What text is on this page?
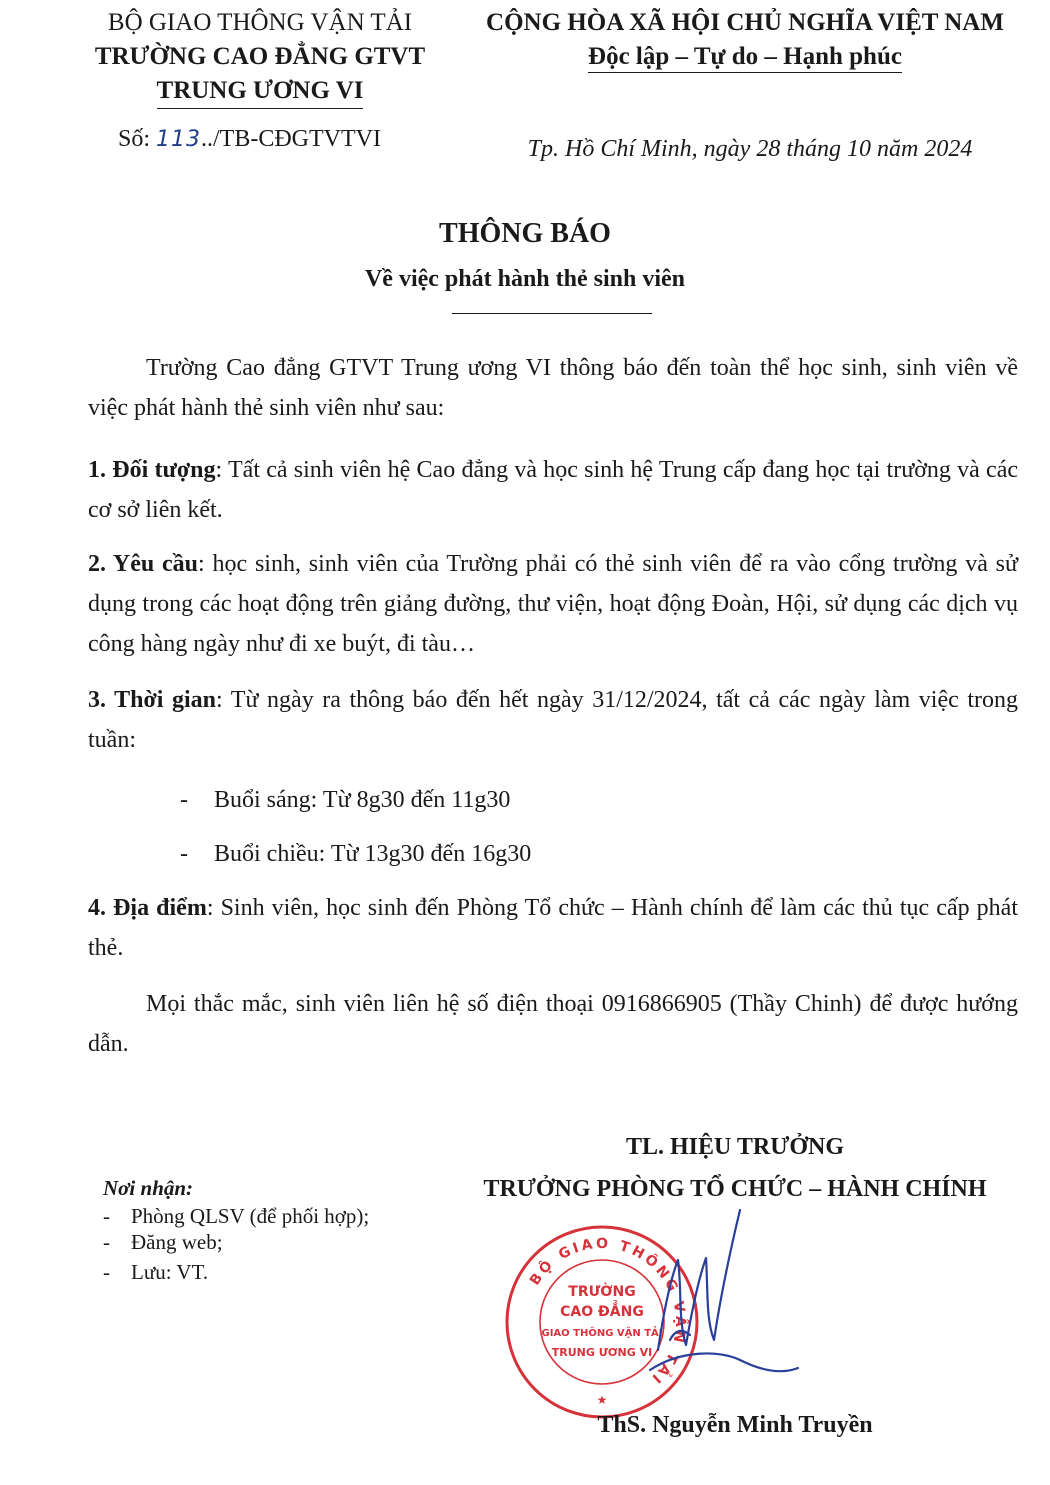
BỘ GIAO THÔNG VẬN TẢI
TRƯỜNG CAO ĐẲNG GTVT
TRUNG ƯƠNG VI
CỘNG HÒA XÃ HỘI CHỦ NGHĨA VIỆT NAM
Độc lập – Tự do – Hạnh phúc
Số: 113../TB-CĐGTVTVI	Tp. Hồ Chí Minh, ngày 28 tháng 10 năm 2024
THÔNG BÁO
Về việc phát hành thẻ sinh viên
Trường Cao đẳng GTVT Trung ương VI thông báo đến toàn thể học sinh, sinh viên về việc phát hành thẻ sinh viên như sau:
1. Đối tượng: Tất cả sinh viên hệ Cao đẳng và học sinh hệ Trung cấp đang học tại trường và các cơ sở liên kết.
2. Yêu cầu: học sinh, sinh viên của Trường phải có thẻ sinh viên để ra vào cổng trường và sử dụng trong các hoạt động trên giảng đường, thư viện, hoạt động Đoàn, Hội, sử dụng các dịch vụ công hàng ngày như đi xe buýt, đi tàu…
3. Thời gian: Từ ngày ra thông báo đến hết ngày 31/12/2024, tất cả các ngày làm việc trong tuần:
- Buổi sáng: Từ 8g30 đến 11g30
- Buổi chiều: Từ 13g30 đến 16g30
4. Địa điểm: Sinh viên, học sinh đến Phòng Tổ chức – Hành chính để làm các thủ tục cấp phát thẻ.
Mọi thắc mắc, sinh viên liên hệ số điện thoại 0916866905 (Thầy Chinh) để được hướng dẫn.
TL. HIỆU TRƯỞNG
TRƯỞNG PHÒNG TỔ CHỨC – HÀNH CHÍNH
Nơi nhận:
- Phòng QLSV (để phối hợp);
- Đăng web;
- Lưu: VT.	BỘ GIAO THÔNG VẬN TẢI
TRƯỜNG
CAO ĐẲNG
GIAO THÔNG VẬN TẢI
TRUNG ƯƠNG VI
★
ThS. Nguyễn Minh Truyền
